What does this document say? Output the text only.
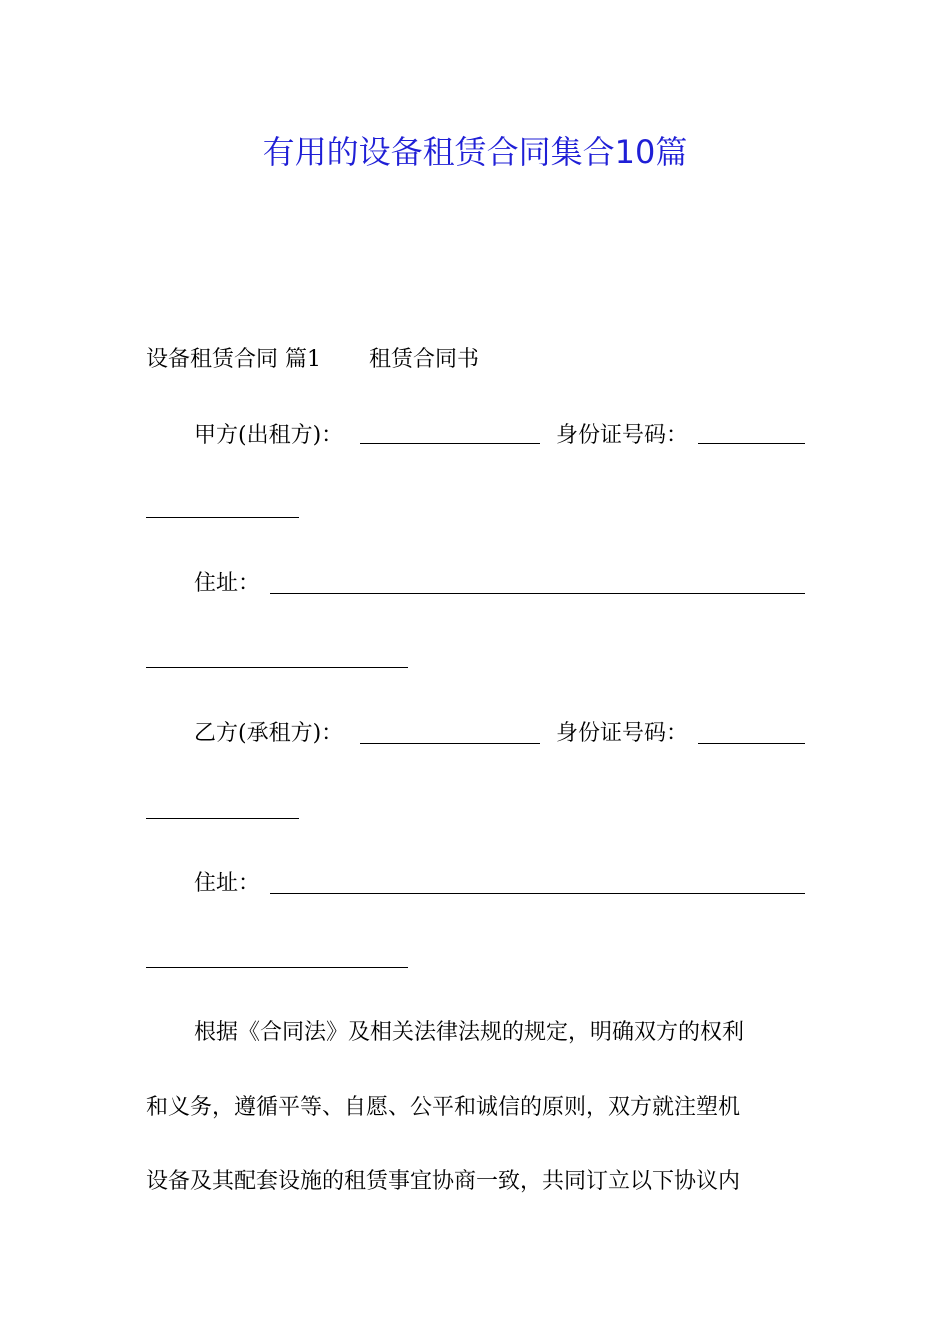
有用的设备租赁合同集合10篇
设备租赁合同 篇1 租赁合同书
甲方(出租方)：	身份证号码：
住址：
乙方(承租方)：	身份证号码：
住址：
根据《合同法》及相关法律法规的规定，明确双方的权利
和义务，遵循平等、自愿、公平和诚信的原则，双方就注塑机
设备及其配套设施的租赁事宜协商一致，共同订立以下协议内
